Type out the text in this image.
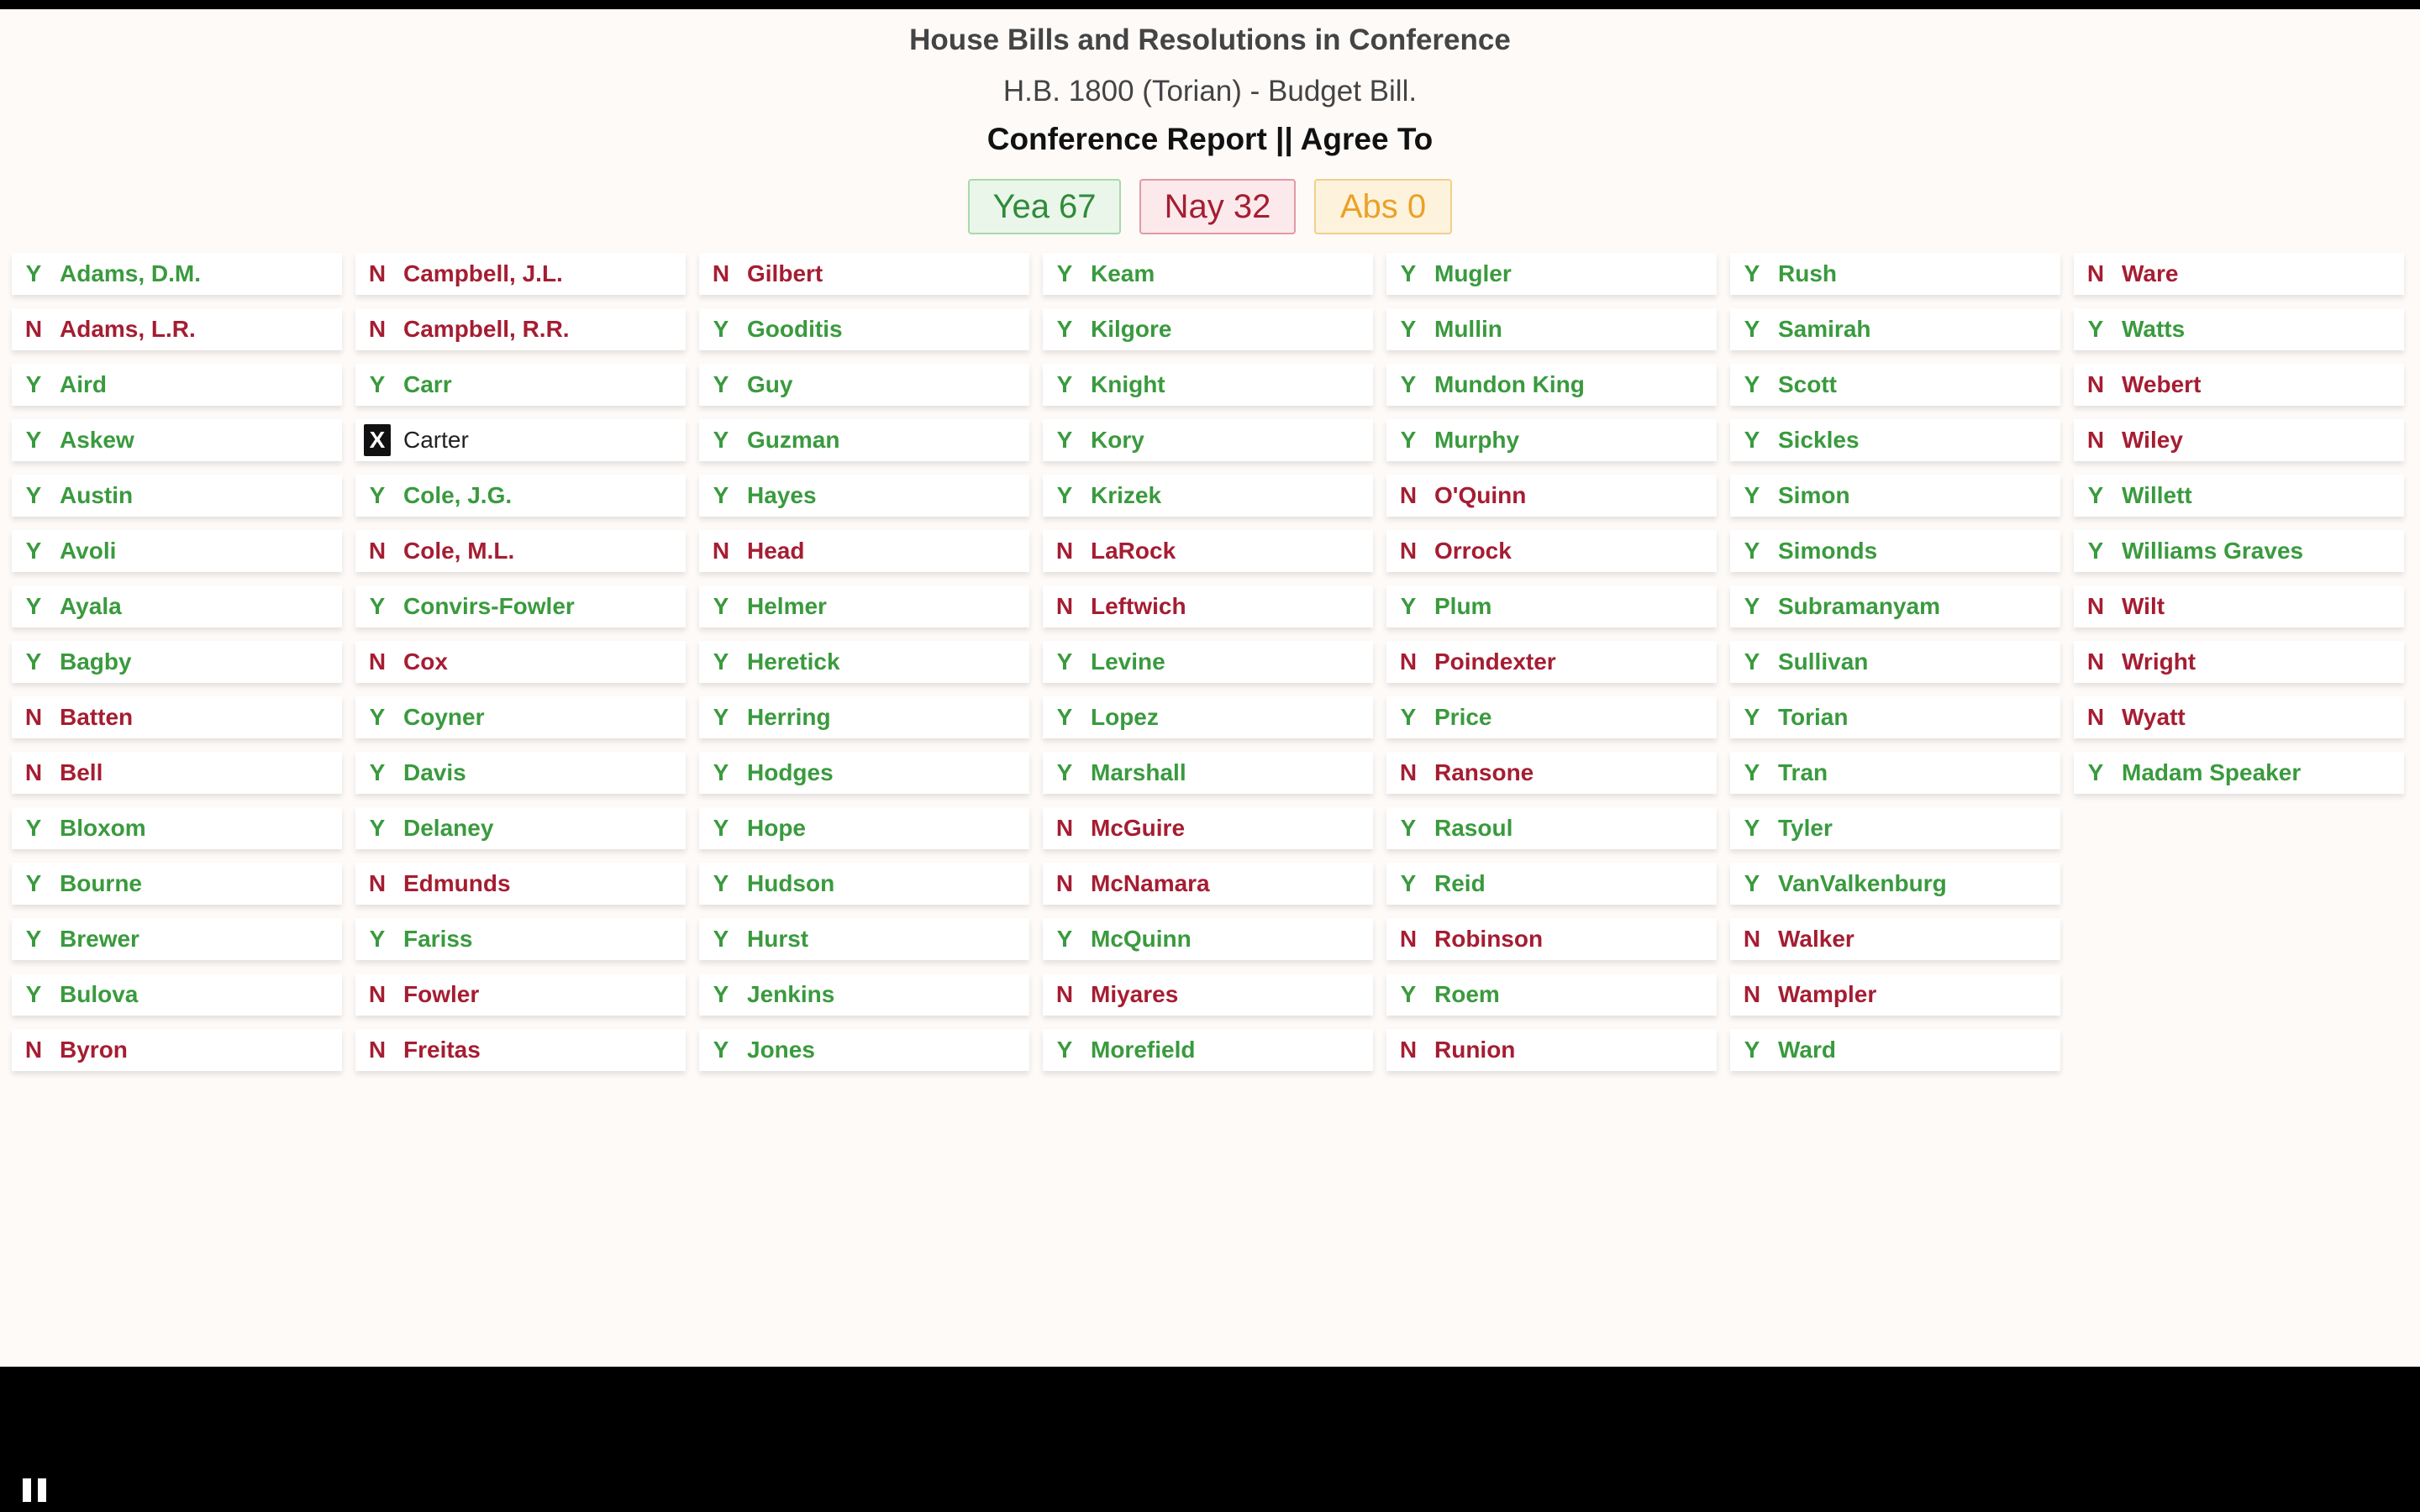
House Bills and Resolutions in Conference
H.B. 1800 (Torian) - Budget Bill.
Conference Report || Agree To
Yea 67	Nay 32	Abs 0
Y Adams, D.M.
N Adams, L.R.
Y Aird
Y Askew
Y Austin
Y Avoli
Y Ayala
Y Bagby
N Batten
N Bell
Y Bloxom
Y Bourne
Y Brewer
Y Bulova
N Byron
N Campbell, J.L.
N Campbell, R.R.
Y Carr
X Carter
Y Cole, J.G.
N Cole, M.L.
Y Convirs-Fowler
N Cox
Y Coyner
Y Davis
Y Delaney
N Edmunds
Y Fariss
N Fowler
N Freitas
N Gilbert
Y Gooditis
Y Guy
Y Guzman
Y Hayes
N Head
Y Helmer
Y Heretick
Y Herring
Y Hodges
Y Hope
Y Hudson
Y Hurst
Y Jenkins
Y Jones
Y Keam
Y Kilgore
Y Knight
Y Kory
Y Krizek
N LaRock
N Leftwich
Y Levine
Y Lopez
Y Marshall
N McGuire
N McNamara
Y McQuinn
N Miyares
Y Morefield
Y Mugler
Y Mullin
Y Mundon King
Y Murphy
N O'Quinn
N Orrock
Y Plum
N Poindexter
Y Price
N Ransone
Y Rasoul
Y Reid
N Robinson
Y Roem
N Runion
Y Rush
Y Samirah
Y Scott
Y Sickles
Y Simon
Y Simonds
Y Subramanyam
Y Sullivan
Y Torian
Y Tran
Y Tyler
Y VanValkenburg
N Walker
N Wampler
Y Ward
N Ware
Y Watts
N Webert
N Wiley
Y Willett
Y Williams Graves
N Wilt
N Wright
N Wyatt
Y Madam Speaker
